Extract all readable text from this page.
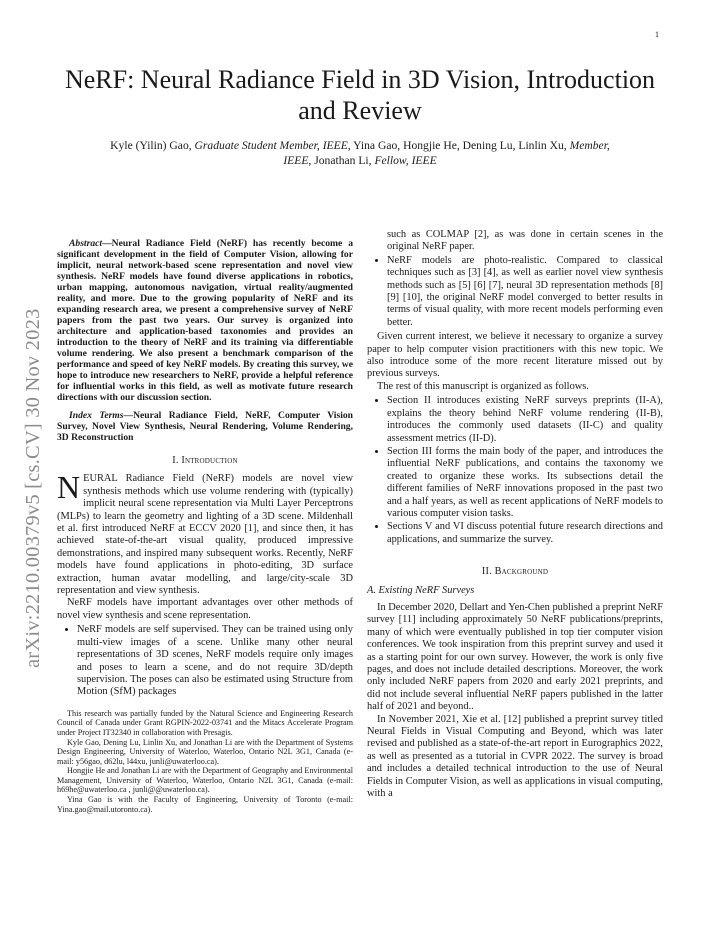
1
arXiv:2210.00379v5 [cs.CV] 30 Nov 2023
NeRF: Neural Radiance Field in 3D Vision, Introduction and Review
Kyle (Yilin) Gao, Graduate Student Member, IEEE, Yina Gao, Hongjie He, Dening Lu, Linlin Xu, Member, IEEE, Jonathan Li, Fellow, IEEE
Abstract—Neural Radiance Field (NeRF) has recently become a significant development in the field of Computer Vision, allowing for implicit, neural network-based scene representation and novel view synthesis. NeRF models have found diverse applications in robotics, urban mapping, autonomous navigation, virtual reality/augmented reality, and more. Due to the growing popularity of NeRF and its expanding research area, we present a comprehensive survey of NeRF papers from the past two years. Our survey is organized into architecture and application-based taxonomies and provides an introduction to the theory of NeRF and its training via differentiable volume rendering. We also present a benchmark comparison of the performance and speed of key NeRF models. By creating this survey, we hope to introduce new researchers to NeRF, provide a helpful reference for influential works in this field, as well as motivate future research directions with our discussion section.
Index Terms—Neural Radiance Field, NeRF, Computer Vision Survey, Novel View Synthesis, Neural Rendering, Volume Rendering, 3D Reconstruction
I. Introduction

NEURAL Radiance Field (NeRF) models are novel view synthesis methods which use volume rendering with (typically) implicit neural scene representation via Multi Layer Perceptrons (MLPs) to learn the geometry and lighting of a 3D scene. Mildenhall et al. first introduced NeRF at ECCV 2020 [1], and since then, it has achieved state-of-the-art visual quality, produced impressive demonstrations, and inspired many subsequent works. Recently, NeRF models have found applications in photo-editing, 3D surface extraction, human avatar modelling, and large/city-scale 3D representation and view synthesis.

NeRF models have important advantages over other methods of novel view synthesis and scene representation.

• NeRF models are self supervised. They can be trained using only multi-view images of a scene. Unlike many other neural representations of 3D scenes, NeRF models require only images and poses to learn a scene, and do not require 3D/depth supervision. The poses can also be estimated using Structure from Motion (SfM) packages

This research was partially funded by the Natural Science and Engineering Research Council of Canada under Grant RGPIN-2022-03741 and the Mitacs Accelerate Program under Project IT32340 in collaboration with Presagis.

Kyle Gao, Dening Lu, Linlin Xu, and Jonathan Li are with the Department of Systems Design Engineering, University of Waterloo, Waterloo, Ontario N2L 3G1, Canada (e-mail: y56gao, d62lu, l44xu, junli@uwaterloo.ca).

Hongjie He and Jonathan Li are with the Department of Geography and Environmental Management, University of Waterloo, Waterloo, Ontario N2L 3G1, Canada (e-mail: h69he@uwaterloo.ca , junli@@uwaterloo.ca).

Yina Gao is with the Faculty of Engineering, University of Toronto (e-mail: Yina.gao@mail.utoronto.ca).

such as COLMAP [2], as was done in certain scenes in the original NeRF paper.
• NeRF models are photo-realistic. Compared to classical techniques such as [3] [4], as well as earlier novel view synthesis methods such as [5] [6] [7], neural 3D representation methods [8] [9] [10], the original NeRF model converged to better results in terms of visual quality, with more recent models performing even better.

Given current interest, we believe it necessary to organize a survey paper to help computer vision practitioners with this new topic. We also introduce some of the more recent literature missed out by previous surveys.

The rest of this manuscript is organized as follows.

• Section II introduces existing NeRF surveys preprints (II-A), explains the theory behind NeRF volume rendering (II-B), introduces the commonly used datasets (II-C) and quality assessment metrics (II-D).
• Section III forms the main body of the paper, and introduces the influential NeRF publications, and contains the taxonomy we created to organize these works. Its subsections detail the different families of NeRF innovations proposed in the past two and a half years, as well as recent applications of NeRF models to various computer vision tasks.
• Sections V and VI discuss potential future research directions and applications, and summarize the survey.
II. Background
A. Existing NeRF Surveys

In December 2020, Dellart and Yen-Chen published a preprint NeRF survey [11] including approximately 50 NeRF publications/preprints, many of which were eventually published in top tier computer vision conferences. We took inspiration from this preprint survey and used it as a starting point for our own survey. However, the work is only five pages, and does not include detailed descriptions. Moreover, the work only included NeRF papers from 2020 and early 2021 preprints, and did not include several influential NeRF papers published in the latter half of 2021 and beyond..

In November 2021, Xie et al. [12] published a preprint survey titled Neural Fields in Visual Computing and Beyond, which was later revised and published as a state-of-the-art report in Eurographics 2022, as well as presented as a tutorial in CVPR 2022. The survey is broad and includes a detailed technical introduction to the use of Neural Fields in Computer Vision, as well as applications in visual computing, with a
